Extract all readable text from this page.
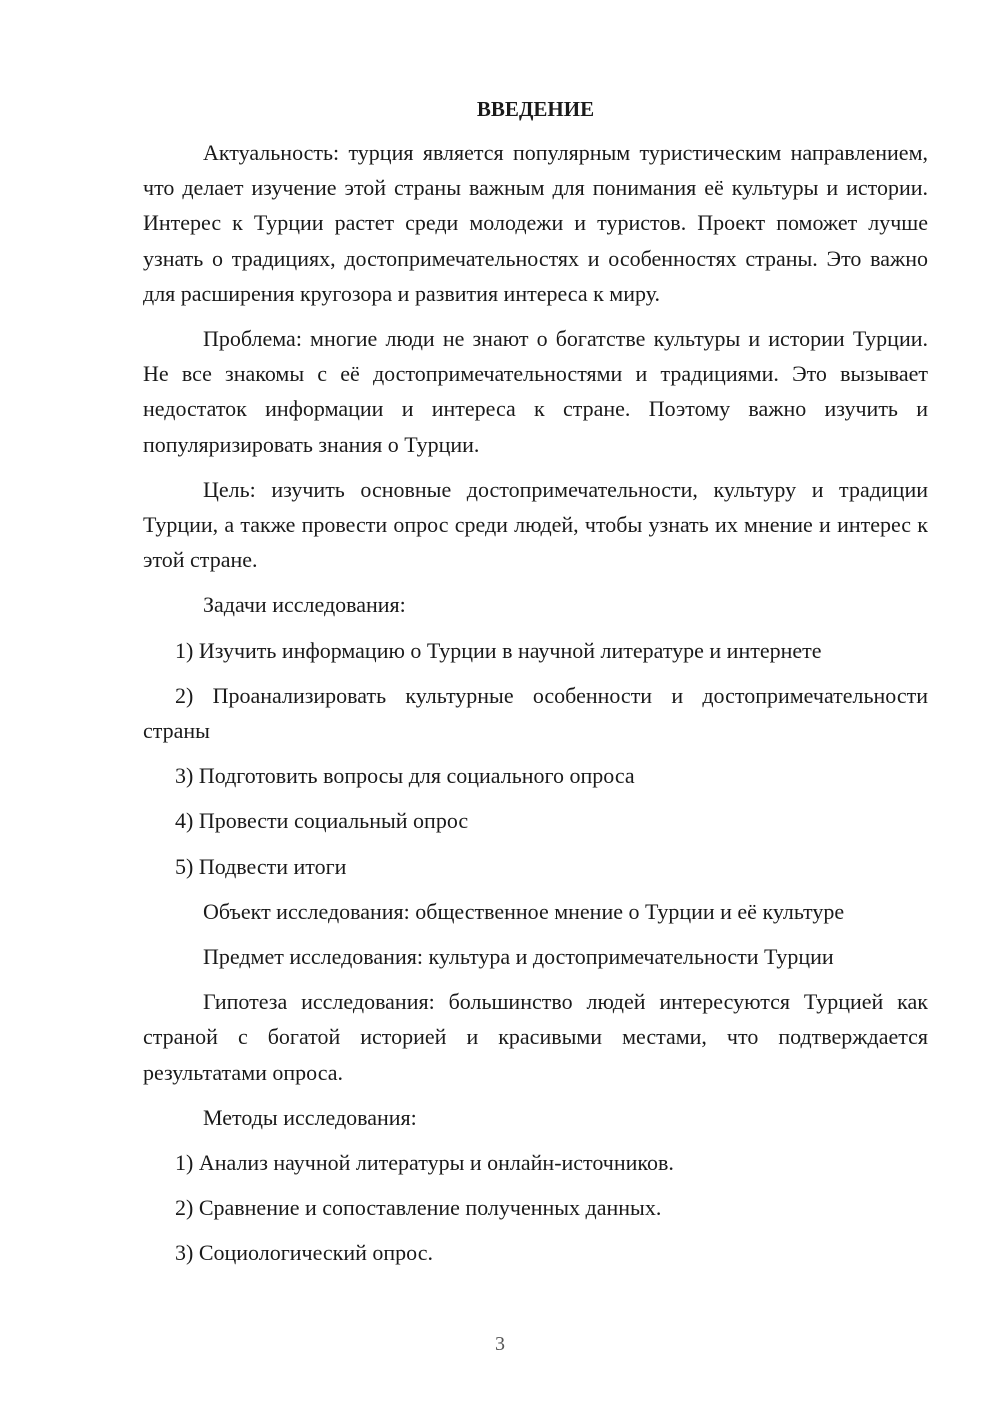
ВВЕДЕНИЕ

Актуальность: турция является популярным туристическим направлением, что делает изучение этой страны важным для понимания её культуры и истории. Интерес к Турции растет среди молодежи и туристов. Проект поможет лучше узнать о традициях, достопримечательностях и особенностях страны. Это важно для расширения кругозора и развития интереса к миру.

Проблема: многие люди не знают о богатстве культуры и истории Турции. Не все знакомы с её достопримечательностями и традициями. Это вызывает недостаток информации и интереса к стране. Поэтому важно изучить и популяризировать знания о Турции.

Цель: изучить основные достопримечательности, культуру и традиции Турции, а также провести опрос среди людей, чтобы узнать их мнение и интерес к этой стране.

Задачи исследования:

1) Изучить информацию о Турции в научной литературе и интернете

2) Проанализировать культурные особенности и достопримечательности страны

3) Подготовить вопросы для социального опроса

4) Провести социальный опрос

5) Подвести итоги

Объект исследования: общественное мнение о Турции и её культуре

Предмет исследования: культура и достопримечательности Турции

Гипотеза исследования: большинство людей интересуются Турцией как страной с богатой историей и красивыми местами, что подтверждается результатами опроса.

Методы исследования:

1) Анализ научной литературы и онлайн-источников.

2) Сравнение и сопоставление полученных данных.

3) Социологический опрос.

3
